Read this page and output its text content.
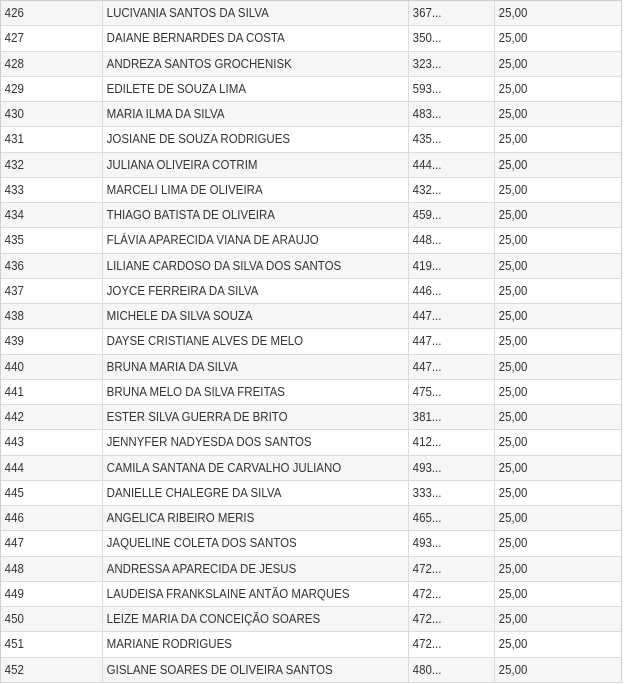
426	LUCIVANIA SANTOS DA SILVA	367...	25,00
427	DAIANE BERNARDES DA COSTA	350...	25,00
428	ANDREZA SANTOS GROCHENISK	323...	25,00
429	EDILETE DE SOUZA LIMA	593...	25,00
430	MARIA ILMA DA SILVA	483...	25,00
431	JOSIANE DE SOUZA RODRIGUES	435...	25,00
432	JULIANA OLIVEIRA COTRIM	444...	25,00
433	MARCELI LIMA DE OLIVEIRA	432...	25,00
434	THIAGO BATISTA DE OLIVEIRA	459...	25,00
435	FLÁVIA APARECIDA VIANA DE ARAUJO	448...	25,00
436	LILIANE CARDOSO DA SILVA DOS SANTOS	419...	25,00
437	JOYCE FERREIRA DA SILVA	446...	25,00
438	MICHELE DA SILVA SOUZA	447...	25,00
439	DAYSE CRISTIANE ALVES DE MELO	447...	25,00
440	BRUNA MARIA DA SILVA	447...	25,00
441	BRUNA MELO DA SILVA FREITAS	475...	25,00
442	ESTER SILVA GUERRA DE BRITO	381...	25,00
443	JENNYFER NADYESDA DOS SANTOS	412...	25,00
444	CAMILA SANTANA DE CARVALHO JULIANO	493...	25,00
445	DANIELLE CHALEGRE DA SILVA	333...	25,00
446	ANGELICA RIBEIRO MERIS	465...	25,00
447	JAQUELINE COLETA DOS SANTOS	493...	25,00
448	ANDRESSA APARECIDA DE JESUS	472...	25,00
449	LAUDEISA FRANKSLAINE ANTÃO MARQUES	472...	25,00
450	LEIZE MARIA DA CONCEIÇÃO SOARES	472...	25,00
451	MARIANE RODRIGUES	472...	25,00
452	GISLANE SOARES DE OLIVEIRA SANTOS	480...	25,00
